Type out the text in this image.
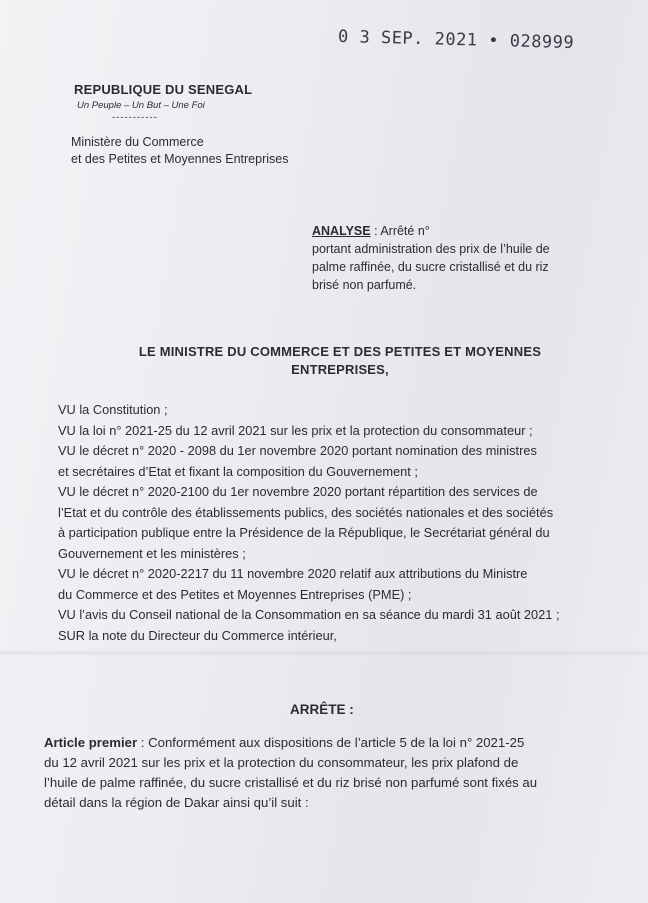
0 3 SEP. 2021 • 028999
REPUBLIQUE DU SENEGAL
Un Peuple – Un But – Une Foi
-----------
Ministère du Commerce
et des Petites et Moyennes Entreprises
ANALYSE : Arrêté n°
portant administration des prix de l’huile de
palme raffinée, du sucre cristallisé et du riz
brisé non parfumé.
LE MINISTRE DU COMMERCE ET DES PETITES ET MOYENNES
ENTREPRISES,
VU la Constitution ;
VU la loi n° 2021-25 du 12 avril 2021 sur les prix et la protection du consommateur ;
VU le décret n° 2020 - 2098 du 1er novembre 2020 portant nomination des ministres
et secrétaires d’Etat et fixant la composition du Gouvernement ;
VU le décret n° 2020-2100 du 1er novembre 2020 portant répartition des services de
l’Etat et du contrôle des établissements publics, des sociétés nationales et des sociétés
à participation publique entre la Présidence de la République, le Secrétariat général du
Gouvernement et les ministères ;
VU le décret n° 2020-2217 du 11 novembre 2020 relatif aux attributions du Ministre
du Commerce et des Petites et Moyennes Entreprises (PME) ;
VU l’avis du Conseil national de la Consommation en sa séance du mardi 31 août 2021 ;
SUR la note du Directeur du Commerce intérieur,
ARRÊTE :
Article premier : Conformément aux dispositions de l’article 5 de la loi n° 2021-25
du 12 avril 2021 sur les prix et la protection du consommateur, les prix plafond de
l’huile de palme raffinée, du sucre cristallisé et du riz brisé non parfumé sont fixés au
détail dans la région de Dakar ainsi qu’il suit :
